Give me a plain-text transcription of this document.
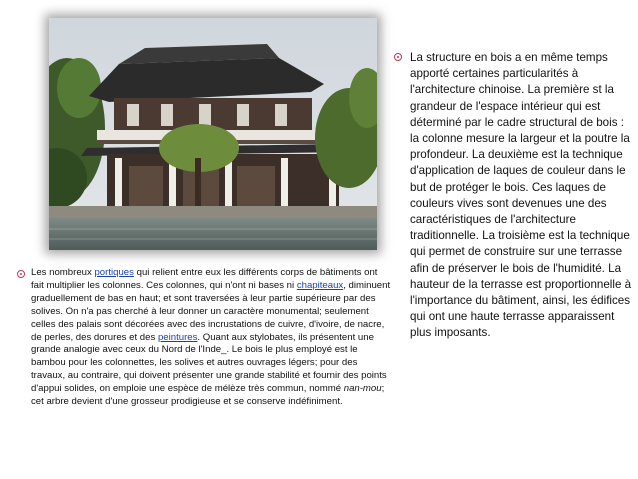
Les nombreux portiques qui relient entre eux les différents corps de bâtiments ont fait multiplier les colonnes. Ces colonnes, qui n'ont ni bases ni chapiteaux, diminuent graduellement de bas en haut; et sont traversées à leur partie supérieure par des solives. On n'a pas cherché à leur donner un caractère monumental; seulement celles des palais sont décorées avec des incrustations de cuivre, d'ivoire, de nacre, de perles, des dorures et des peintures. Quant aux stylobates, ils présentent une grande analogie avec ceux du Nord de l'Inde_. Le bois le plus employé est le bambou pour les colonnettes, les solives et autres ouvrages légers; pour des travaux, au contraire, qui doivent présenter une grande stabilité et fournir des points d'appui solides, on emploie une espèce de mélèze très commun, nommé nan-mou; cet arbre devient d'une grosseur prodigieuse et se conserve indéfiniment.
La structure en bois a en même temps apporté certaines particularités à l'architecture chinoise. La première st la grandeur de l'espace intérieur qui est déterminé par le cadre structural de bois : la colonne mesure la largeur et la poutre la profondeur. La deuxième est la technique d'application de laques de couleur dans le but de protéger le bois. Ces laques de couleurs vives sont devenues une des caractéristiques de l'architecture traditionnelle. La troisième est la technique qui permet de construire sur une terrasse afin de préserver le bois de l'humidité. La hauteur de la terrasse est proportionnelle à l'importance du bâtiment, ainsi, les édifices qui ont une haute terrasse apparaissent plus imposants.
